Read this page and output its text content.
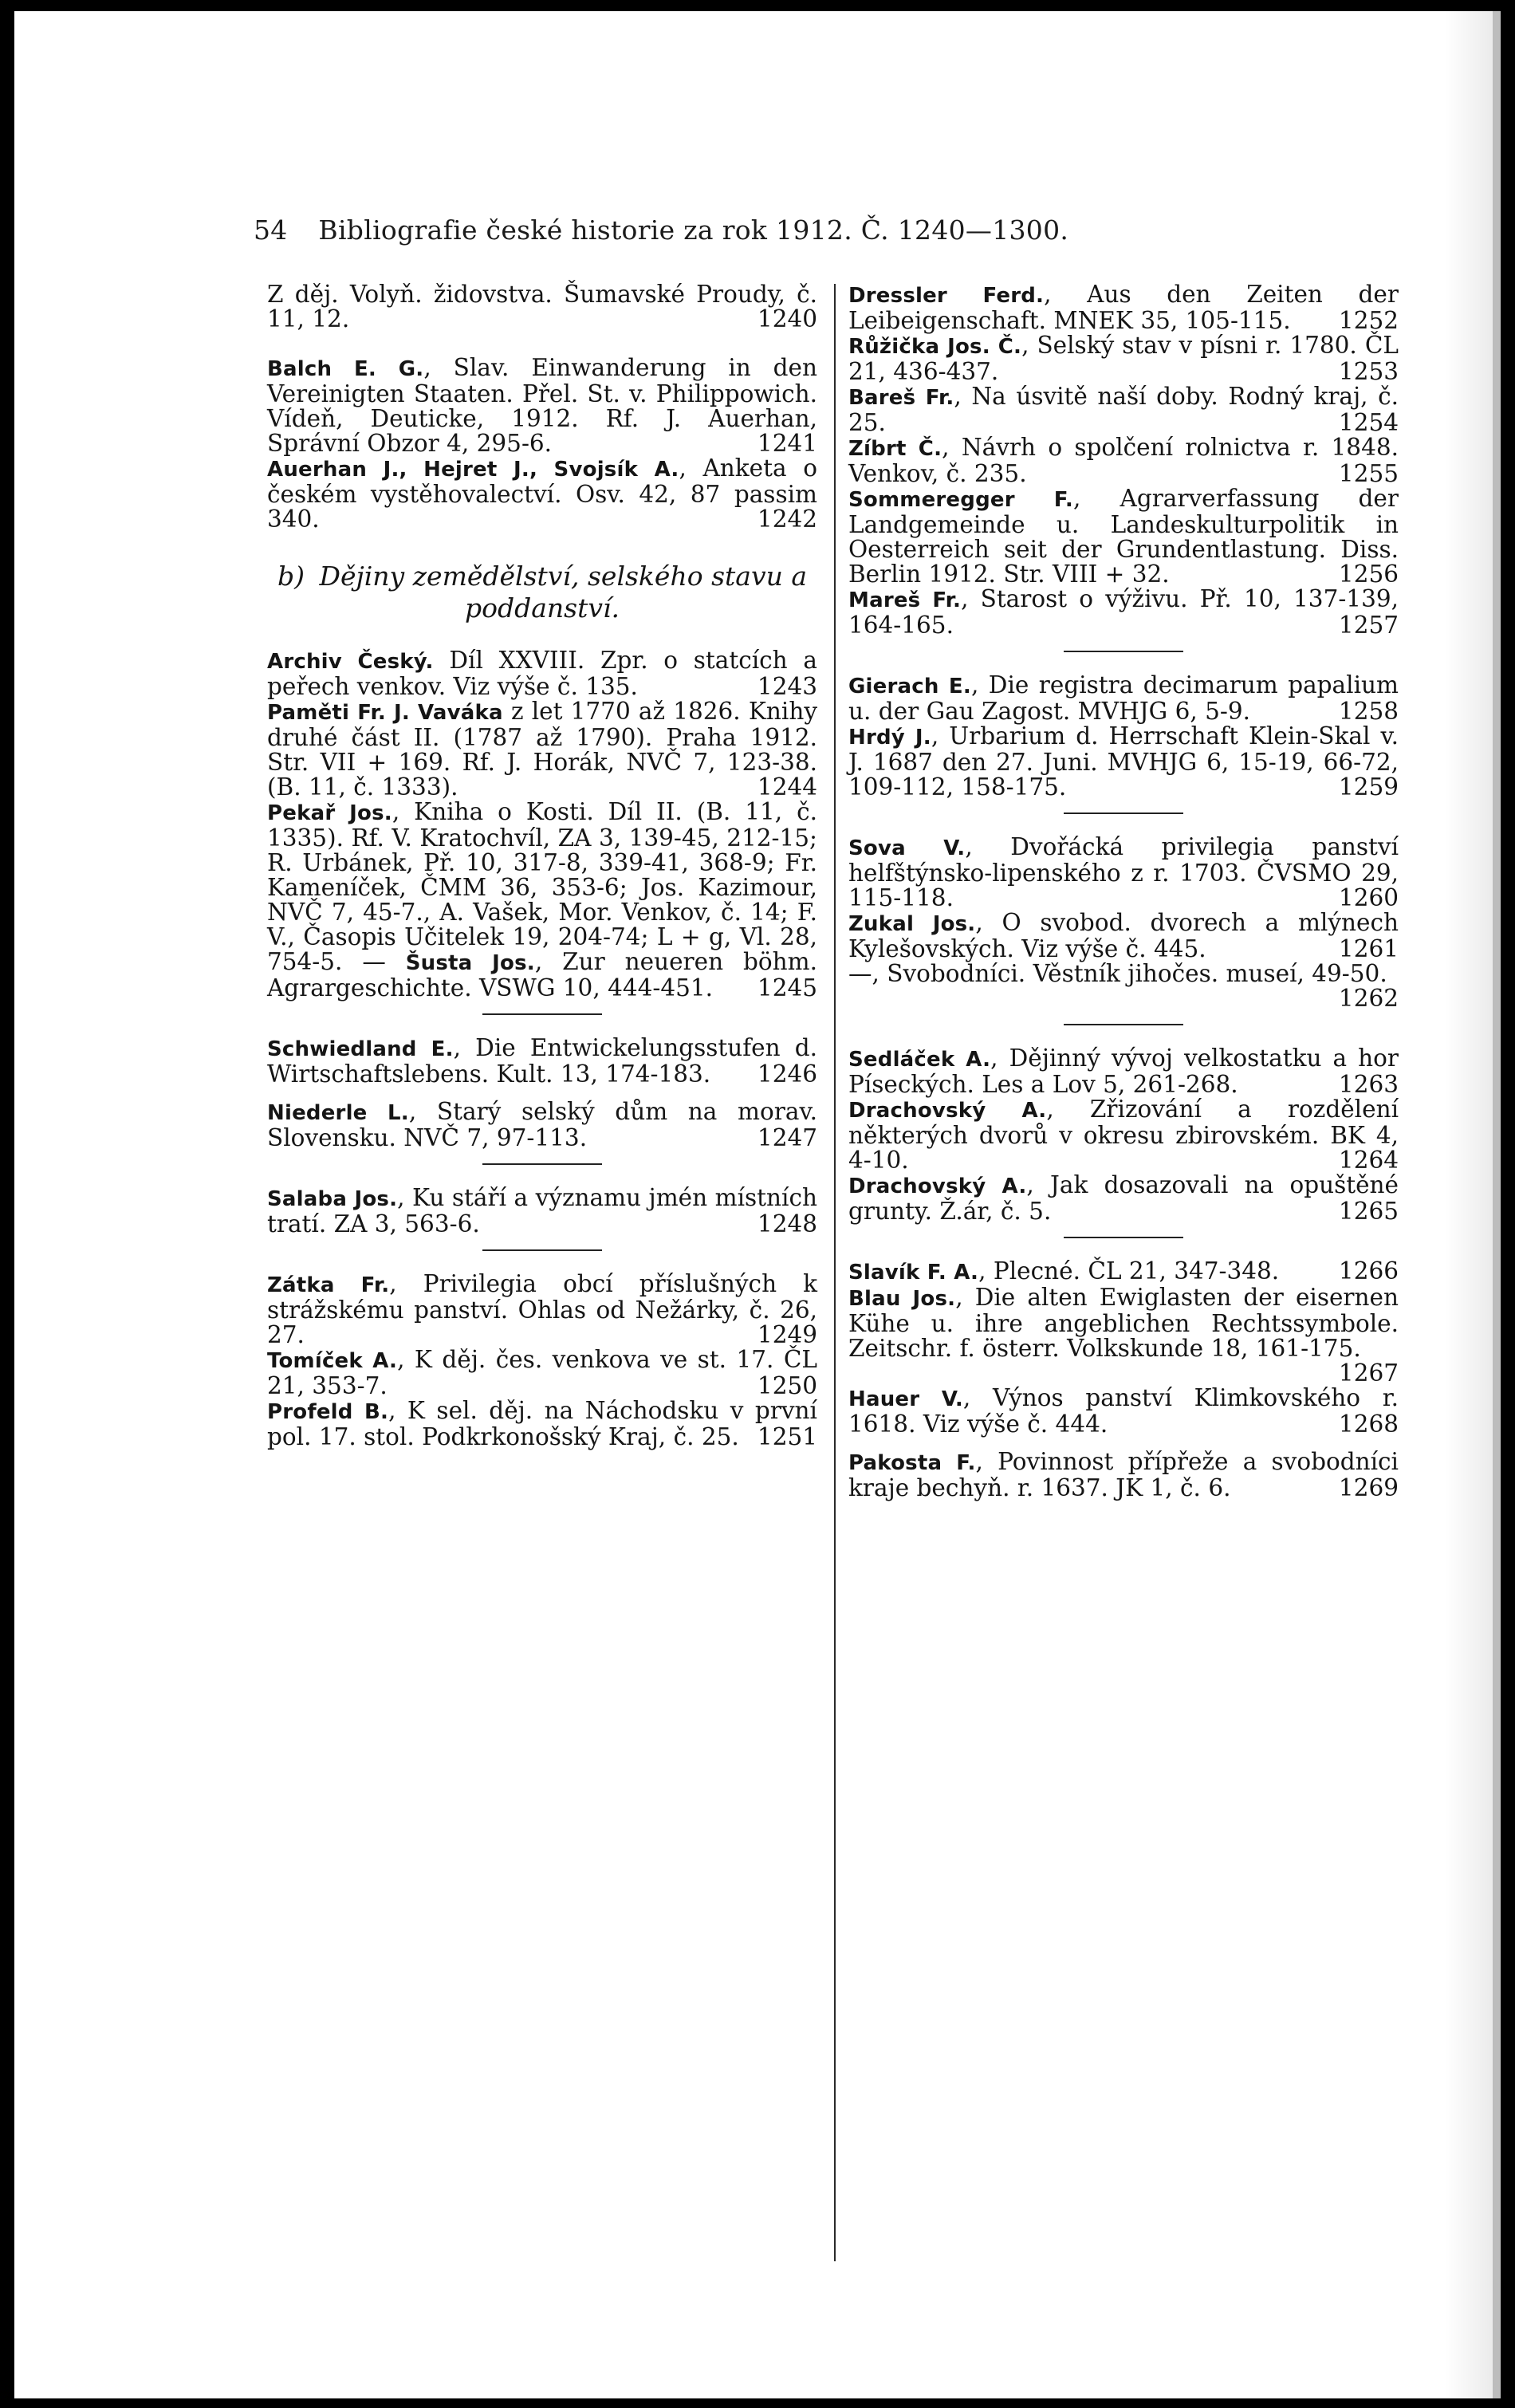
54 Bibliografie české historie za rok 1912. Č. 1240—1300.

Z děj. Volyň. židovstva. Šumavské Proudy, č. 11, 12.	1240

Balch E. G., Slav. Einwanderung in den Vereinigten Staaten. Přel. St. v. Philippowich. Vídeň, Deuticke, 1912. Rf. J. Auerhan, Správní Obzor 4, 295-6.	1241

Auerhan J., Hejret J., Svojsík A., Anketa o českém vystěhovalectví. Osv. 42, 87 passim 340.	1242

b) Dějiny zemědělství, selského stavu a poddanství.

Archiv Český. Díl XXVIII. Zpr. o statcích a peřech venkov. Viz výše č. 135.	1243

Paměti Fr. J. Vaváka z let 1770 až 1826. Knihy druhé část II. (1787 až 1790). Praha 1912. Str. VII + 169. Rf. J. Horák, NVČ 7, 123-38. (B. 11, č. 1333).	1244

Pekař Jos., Kniha o Kosti. Díl II. (B. 11, č. 1335). Rf. V. Kratochvíl, ZA 3, 139-45, 212-15; R. Urbánek, Př. 10, 317-8, 339-41, 368-9; Fr. Kameníček, ČMM 36, 353-6; Jos. Kazimour, NVČ 7, 45-7., A. Vašek, Mor. Venkov, č. 14; F. V., Časopis Učitelek 19, 204-74; L + g, Vl. 28, 754-5. — Šusta Jos., Zur neueren böhm. Agrargeschichte. VSWG 10, 444-451. 1245

Schwiedland E., Die Entwickelungsstufen d. Wirtschaftslebens. Kult. 13, 174-183. 1246

Niederle L., Starý selský dům na morav. Slovensku. NVČ 7, 97-113.	1247

Salaba Jos., Ku stáří a významu jmén místních tratí. ZA 3, 563-6.	1248

Zátka Fr., Privilegia obcí příslušných k strážskému panství. Ohlas od Nežárky, č. 26, 27.	1249

Tomíček A., K děj. čes. venkova ve st. 17. ČL 21, 353-7.	1250

Profeld B., K sel. děj. na Náchodsku v první pol. 17. stol. Podkrkonošský Kraj, č. 25. 1251

Dressler Ferd., Aus den Zeiten der Leibeigenschaft. MNEK 35, 105-115. 1252

Růžička Jos. Č., Selský stav v písni r. 1780. ČL 21, 436-437.	1253

Bareš Fr., Na úsvitě naší doby. Rodný kraj, č. 25.	1254

Zíbrt Č., Návrh o spolčení rolnictva r. 1848. Venkov, č. 235.	1255

Sommeregger F., Agrarverfassung der Landgemeinde u. Landeskulturpolitik in Oesterreich seit der Grundentlastung. Diss. Berlin 1912. Str. VIII + 32.	1256

Mareš Fr., Starost o výživu. Př. 10, 137-139, 164-165.	1257

Gierach E., Die registra decimarum papalium u. der Gau Zagost. MVHJG 6, 5-9.	1258

Hrdý J., Urbarium d. Herrschaft Klein-Skal v. J. 1687 den 27. Juni. MVHJG 6, 15-19, 66-72, 109-112, 158-175.	1259

Sova V., Dvořácká privilegia panství helfštýnsko-lipenského z r. 1703. ČVSMO 29, 115-118.	1260

Zukal Jos., O svobod. dvorech a mlýnech Kylešovských. Viz výše č. 445.	1261

—, Svobodníci. Věstník jihočes. museí, 49-50.
1262

Sedláček A., Dějinný vývoj velkostatku a hor Píseckých. Les a Lov 5, 261-268.	1263

Drachovský A., Zřizování a rozdělení některých dvorů v okresu zbirovském. BK 4, 4-10.	1264

Drachovský A., Jak dosazovali na opuštěné grunty. Ž.ár, č. 5.	1265

Slavík F. A., Plecné. ČL 21, 347-348.	1266

Blau Jos., Die alten Ewiglasten der eisernen Kühe u. ihre angeblichen Rechtssymbole. Zeitschr. f. österr. Volkskunde 18, 161-175.
1267

Hauer V., Výnos panství Klimkovského r. 1618. Viz výše č. 444.	1268

Pakosta F., Povinnost přípřeže a svobodníci kraje bechyň. r. 1637. JK 1, č. 6.	1269
